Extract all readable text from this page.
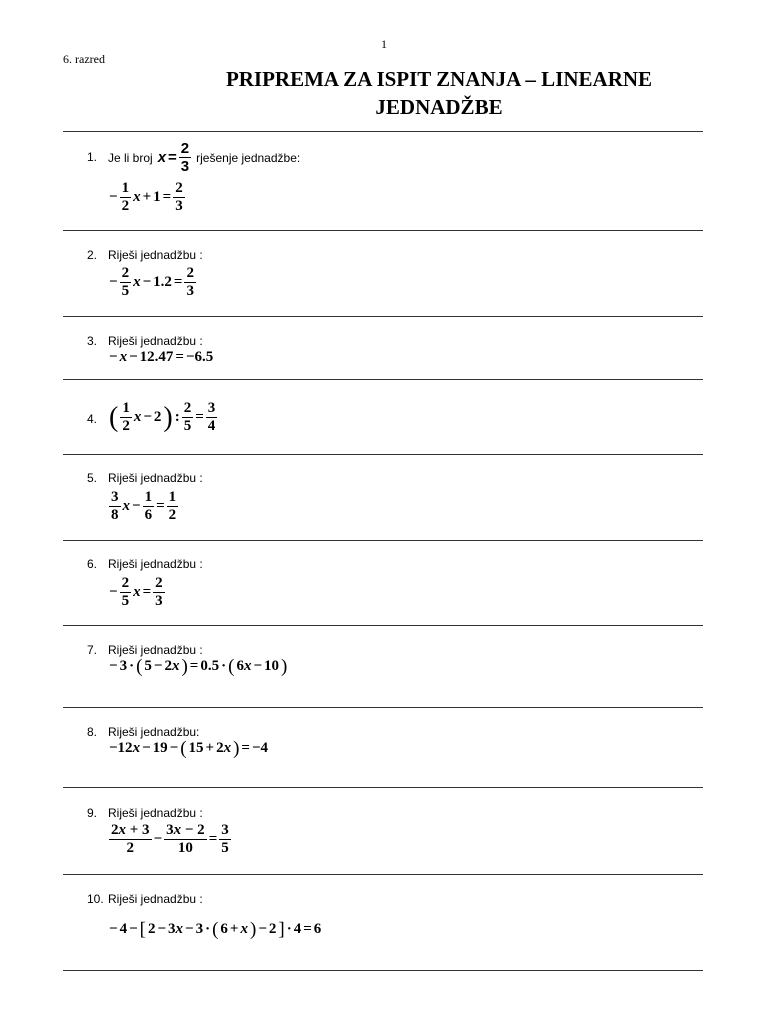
1
6. razred
PRIPREMA ZA ISPIT ZNANJA – LINEARNE
JEDNADŽBE
1. Je li broj $x = \frac{2}{3}$ rješenje jednadžbe:
− $\frac{1}{2}$ $x + 1 = \frac{2}{3}$
2. Riješi jednadžbu :
− $\frac{2}{5}$ $x - 1.2 = \frac{2}{3}$
3. Riješi jednadžbu :
− x − 12.47 = −6.5
4. ( $\frac{1}{2}$ x − 2 ) : $\frac{2}{5} = \frac{3}{4}$
5. Riješi jednadžbu :
$\frac{3}{8}$ $x - \frac{1}{6} = \frac{1}{2}$
6. Riješi jednadžbu :
− $\frac{2}{5}$ $x = \frac{2}{3}$
7. Riješi jednadžbu :
− 3 · ( 5 − 2x ) = 0.5 · ( 6x − 10 )
8. Riješi jednadžbu:
−12x − 19 − ( 15 + 2x ) = −4
9. Riješi jednadžbu :
$\frac{2x + 3}{2} - \frac{3x - 2}{10} = \frac{3}{5}$
10. Riješi jednadžbu :
− 4 − [ 2 − 3x − 3 · ( 6 + x ) − 2 ] · 4 = 6
